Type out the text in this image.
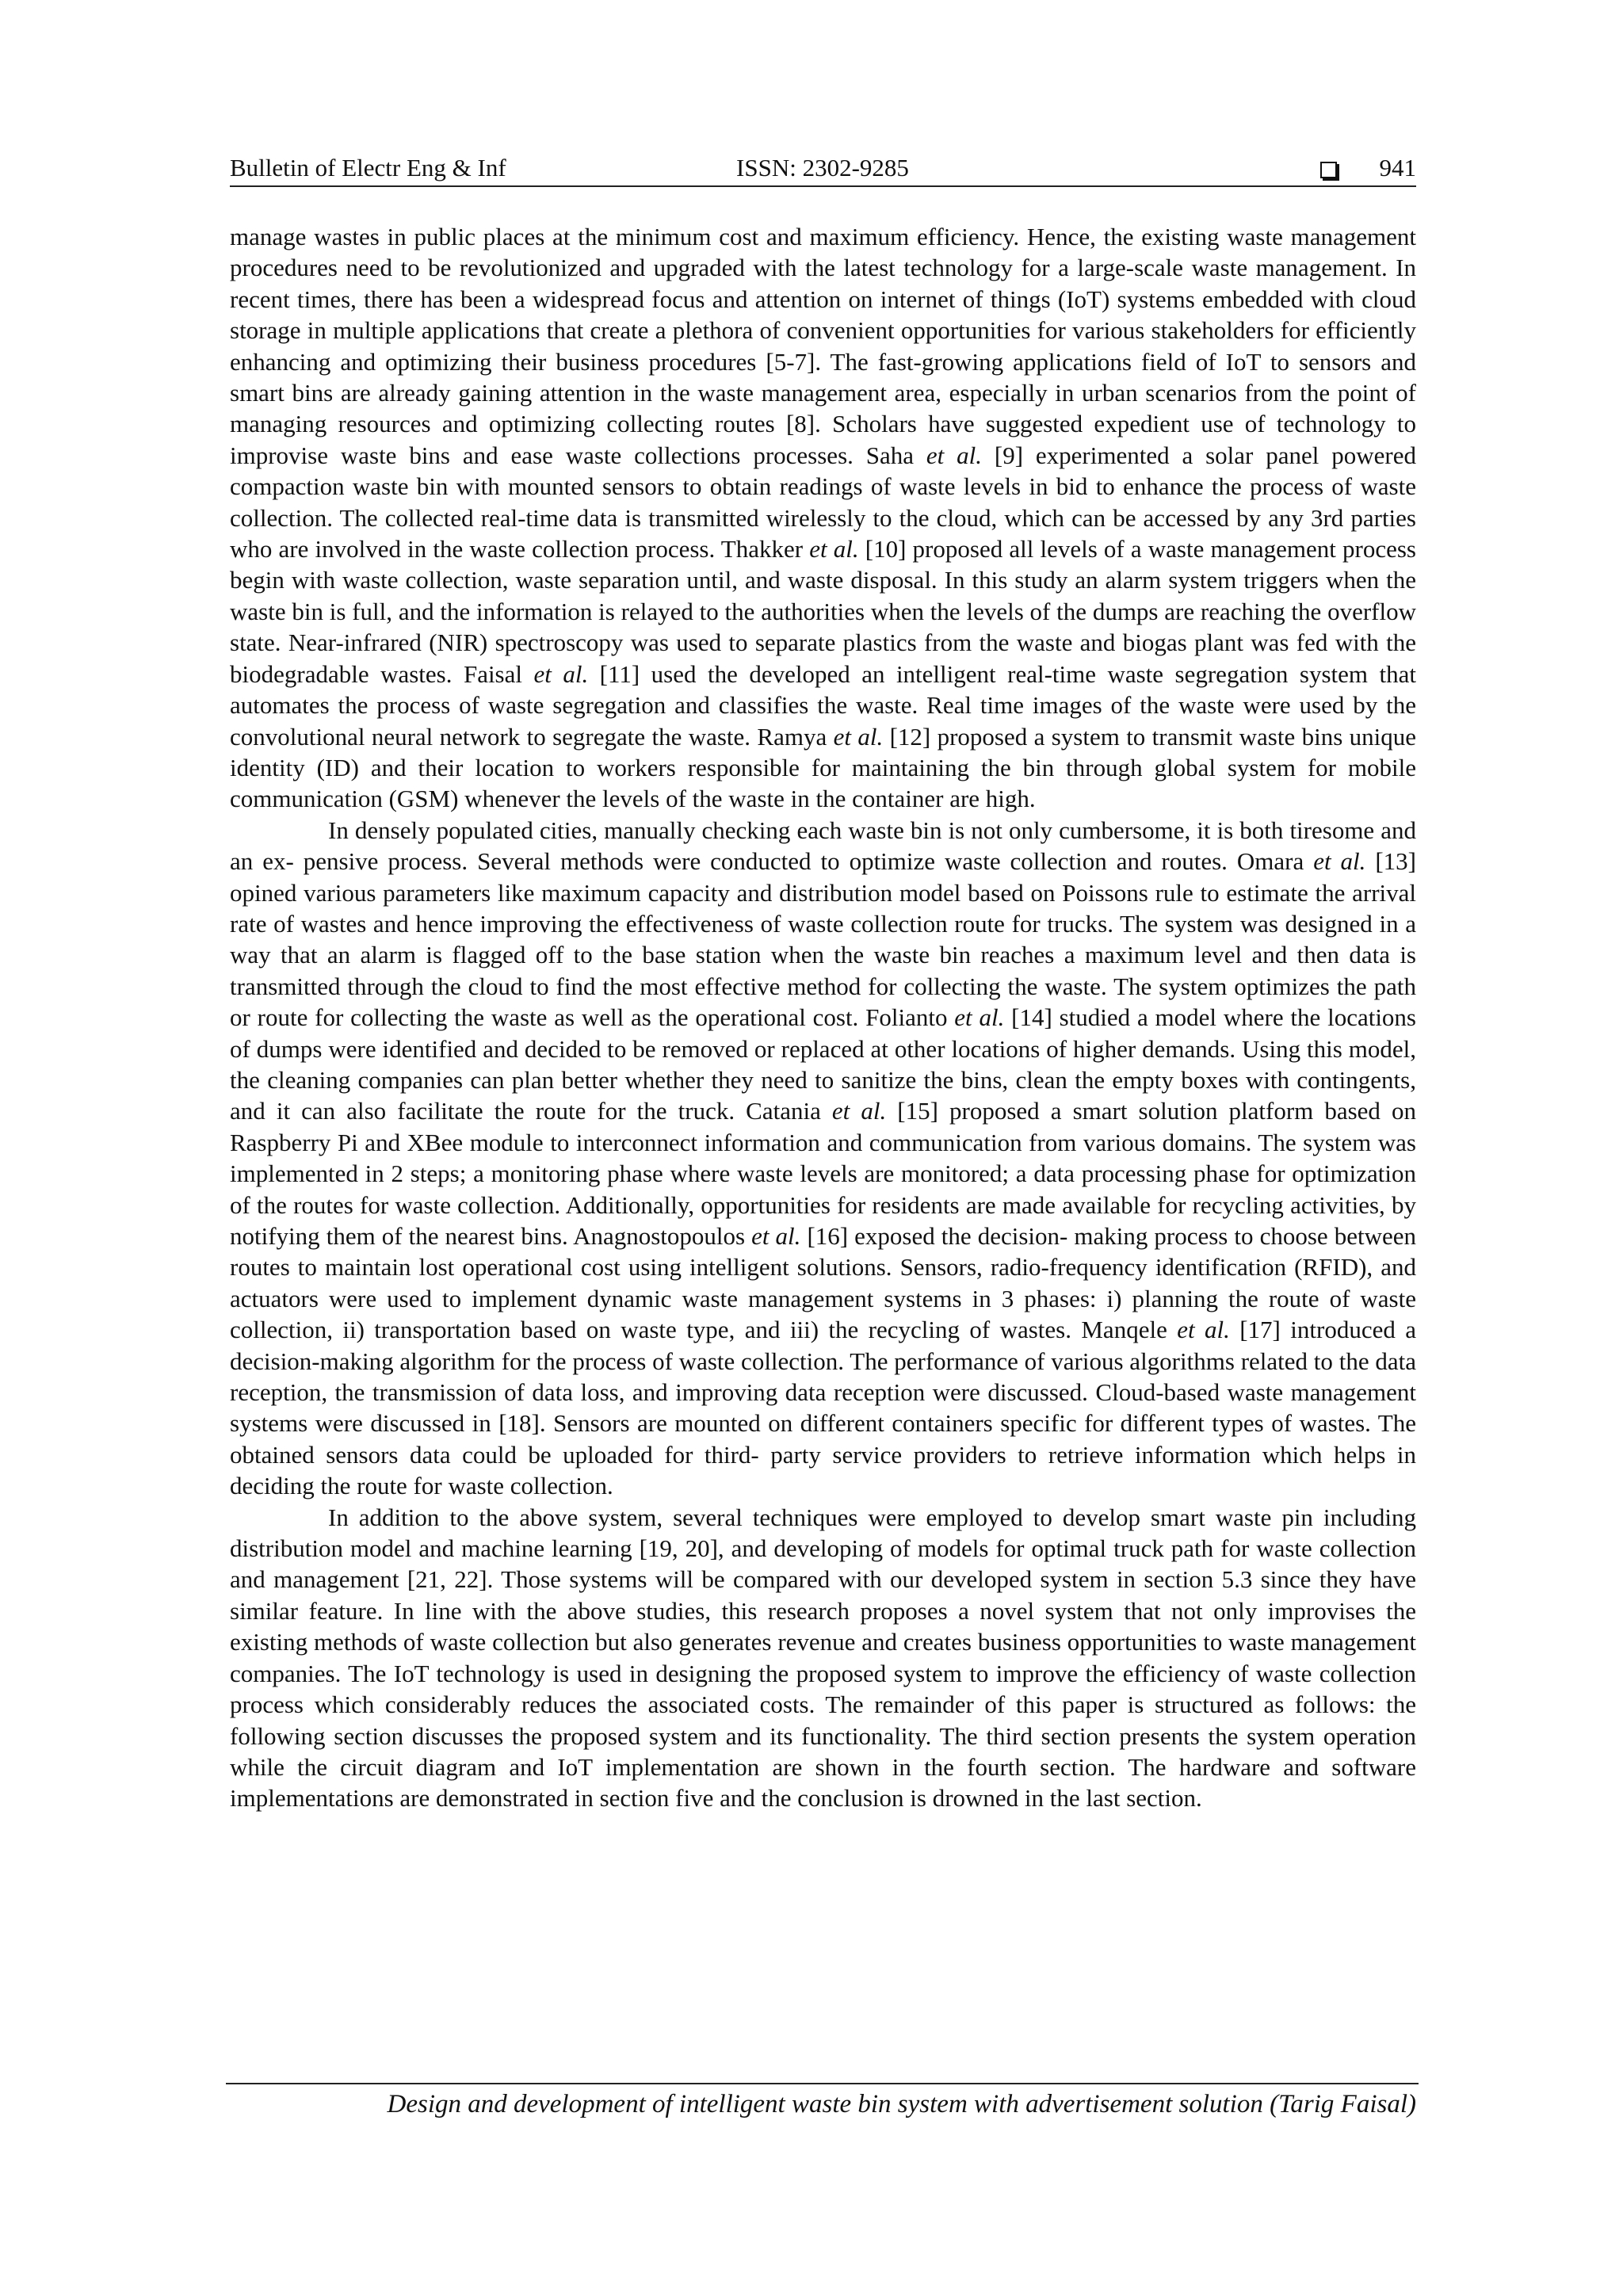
Bulletin of Electr Eng & Inf	ISSN: 2302-9285	941

manage wastes in public places at the minimum cost and maximum efficiency. Hence, the existing waste management procedures need to be revolutionized and upgraded with the latest technology for a large-scale waste management. In recent times, there has been a widespread focus and attention on internet of things (IoT) systems embedded with cloud storage in multiple applications that create a plethora of convenient opportunities for various stakeholders for efficiently enhancing and optimizing their business procedures [5-7]. The fast-growing applications field of IoT to sensors and smart bins are already gaining attention in the waste management area, especially in urban scenarios from the point of managing resources and optimizing collecting routes [8]. Scholars have suggested expedient use of technology to improvise waste bins and ease waste collections processes. Saha et al. [9] experimented a solar panel powered compaction waste bin with mounted sensors to obtain readings of waste levels in bid to enhance the process of waste collection. The collected real-time data is transmitted wirelessly to the cloud, which can be accessed by any 3rd parties who are involved in the waste collection process. Thakker et al. [10] proposed all levels of a waste management process begin with waste collection, waste separation until, and waste disposal. In this study an alarm system triggers when the waste bin is full, and the information is relayed to the authorities when the levels of the dumps are reaching the overflow state. Near-infrared (NIR) spectroscopy was used to separate plastics from the waste and biogas plant was fed with the biodegradable wastes. Faisal et al. [11] used the developed an intelligent real-time waste segregation system that automates the process of waste segregation and classifies the waste. Real time images of the waste were used by the convolutional neural network to segregate the waste. Ramya et al. [12] proposed a system to transmit waste bins unique identity (ID) and their location to workers responsible for maintaining the bin through global system for mobile communication (GSM) whenever the levels of the waste in the container are high.

In densely populated cities, manually checking each waste bin is not only cumbersome, it is both tiresome and an ex- pensive process. Several methods were conducted to optimize waste collection and routes. Omara et al. [13] opined various parameters like maximum capacity and distribution model based on Poissons rule to estimate the arrival rate of wastes and hence improving the effectiveness of waste collection route for trucks. The system was designed in a way that an alarm is flagged off to the base station when the waste bin reaches a maximum level and then data is transmitted through the cloud to find the most effective method for collecting the waste. The system optimizes the path or route for collecting the waste as well as the operational cost. Folianto et al. [14] studied a model where the locations of dumps were identified and decided to be removed or replaced at other locations of higher demands. Using this model, the cleaning companies can plan better whether they need to sanitize the bins, clean the empty boxes with contingents, and it can also facilitate the route for the truck. Catania et al. [15] proposed a smart solution platform based on Raspberry Pi and XBee module to interconnect information and communication from various domains. The system was implemented in 2 steps; a monitoring phase where waste levels are monitored; a data processing phase for optimization of the routes for waste collection. Additionally, opportunities for residents are made available for recycling activities, by notifying them of the nearest bins. Anagnostopoulos et al. [16] exposed the decision- making process to choose between routes to maintain lost operational cost using intelligent solutions. Sensors, radio-frequency identification (RFID), and actuators were used to implement dynamic waste management systems in 3 phases: i) planning the route of waste collection, ii) transportation based on waste type, and iii) the recycling of wastes. Manqele et al. [17] introduced a decision-making algorithm for the process of waste collection. The performance of various algorithms related to the data reception, the transmission of data loss, and improving data reception were discussed. Cloud-based waste management systems were discussed in [18]. Sensors are mounted on different containers specific for different types of wastes. The obtained sensors data could be uploaded for third- party service providers to retrieve information which helps in deciding the route for waste collection.

In addition to the above system, several techniques were employed to develop smart waste pin including distribution model and machine learning [19, 20], and developing of models for optimal truck path for waste collection and management [21, 22]. Those systems will be compared with our developed system in section 5.3 since they have similar feature. In line with the above studies, this research proposes a novel system that not only improvises the existing methods of waste collection but also generates revenue and creates business opportunities to waste management companies. The IoT technology is used in designing the proposed system to improve the efficiency of waste collection process which considerably reduces the associated costs. The remainder of this paper is structured as follows: the following section discusses the proposed system and its functionality. The third section presents the system operation while the circuit diagram and IoT implementation are shown in the fourth section. The hardware and software implementations are demonstrated in section five and the conclusion is drowned in the last section.

Design and development of intelligent waste bin system with advertisement solution (Tarig Faisal)
